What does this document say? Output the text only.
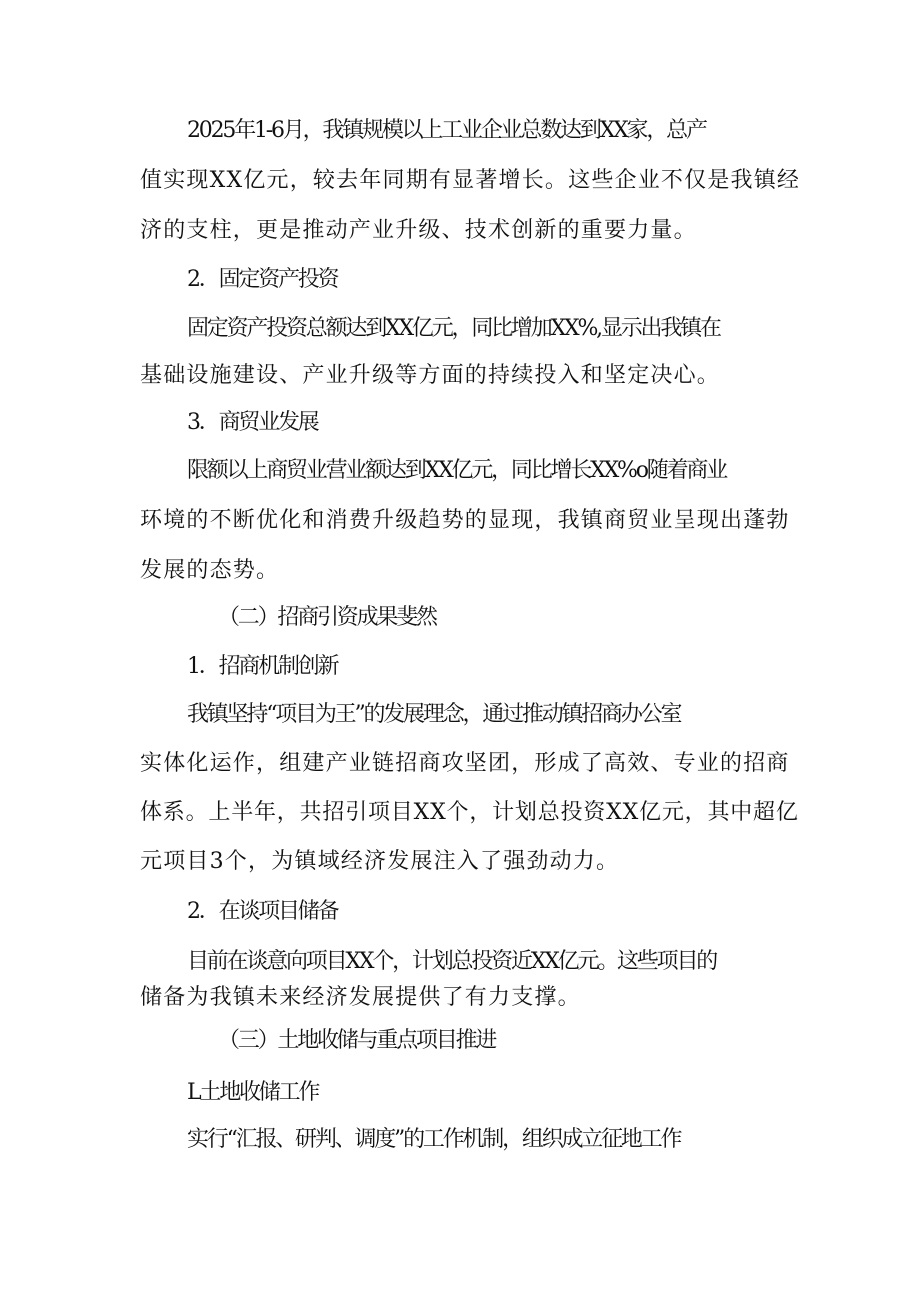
2025年1-6月，我镇规模以上工业企业总数达到XX家，总产
值实现XX亿元，较去年同期有显著增长。这些企业不仅是我镇经
济的支柱，更是推动产业升级、技术创新的重要力量。
2．固定资产投资
固定资产投资总额达到XX亿元，同比增加XX%,显示出我镇在
基础设施建设、产业升级等方面的持续投入和坚定决心。
3．商贸业发展
限额以上商贸业营业额达到XX亿元，同比增长XX%o随着商业
环境的不断优化和消费升级趋势的显现，我镇商贸业呈现出蓬勃
发展的态势。
（二）招商引资成果斐然
1．招商机制创新
我镇坚持“项目为王”的发展理念，通过推动镇招商办公室
实体化运作，组建产业链招商攻坚团，形成了高效、专业的招商
体系。上半年，共招引项目XX个，计划总投资XX亿元，其中超亿
元项目3个，为镇域经济发展注入了强劲动力。
2．在谈项目储备
目前在谈意向项目XX个，计划总投资近XX亿元。这些项目的
储备为我镇未来经济发展提供了有力支撑。
（三）土地收储与重点项目推进
L土地收储工作
实行“汇报、研判、调度”的工作机制，组织成立征地工作
